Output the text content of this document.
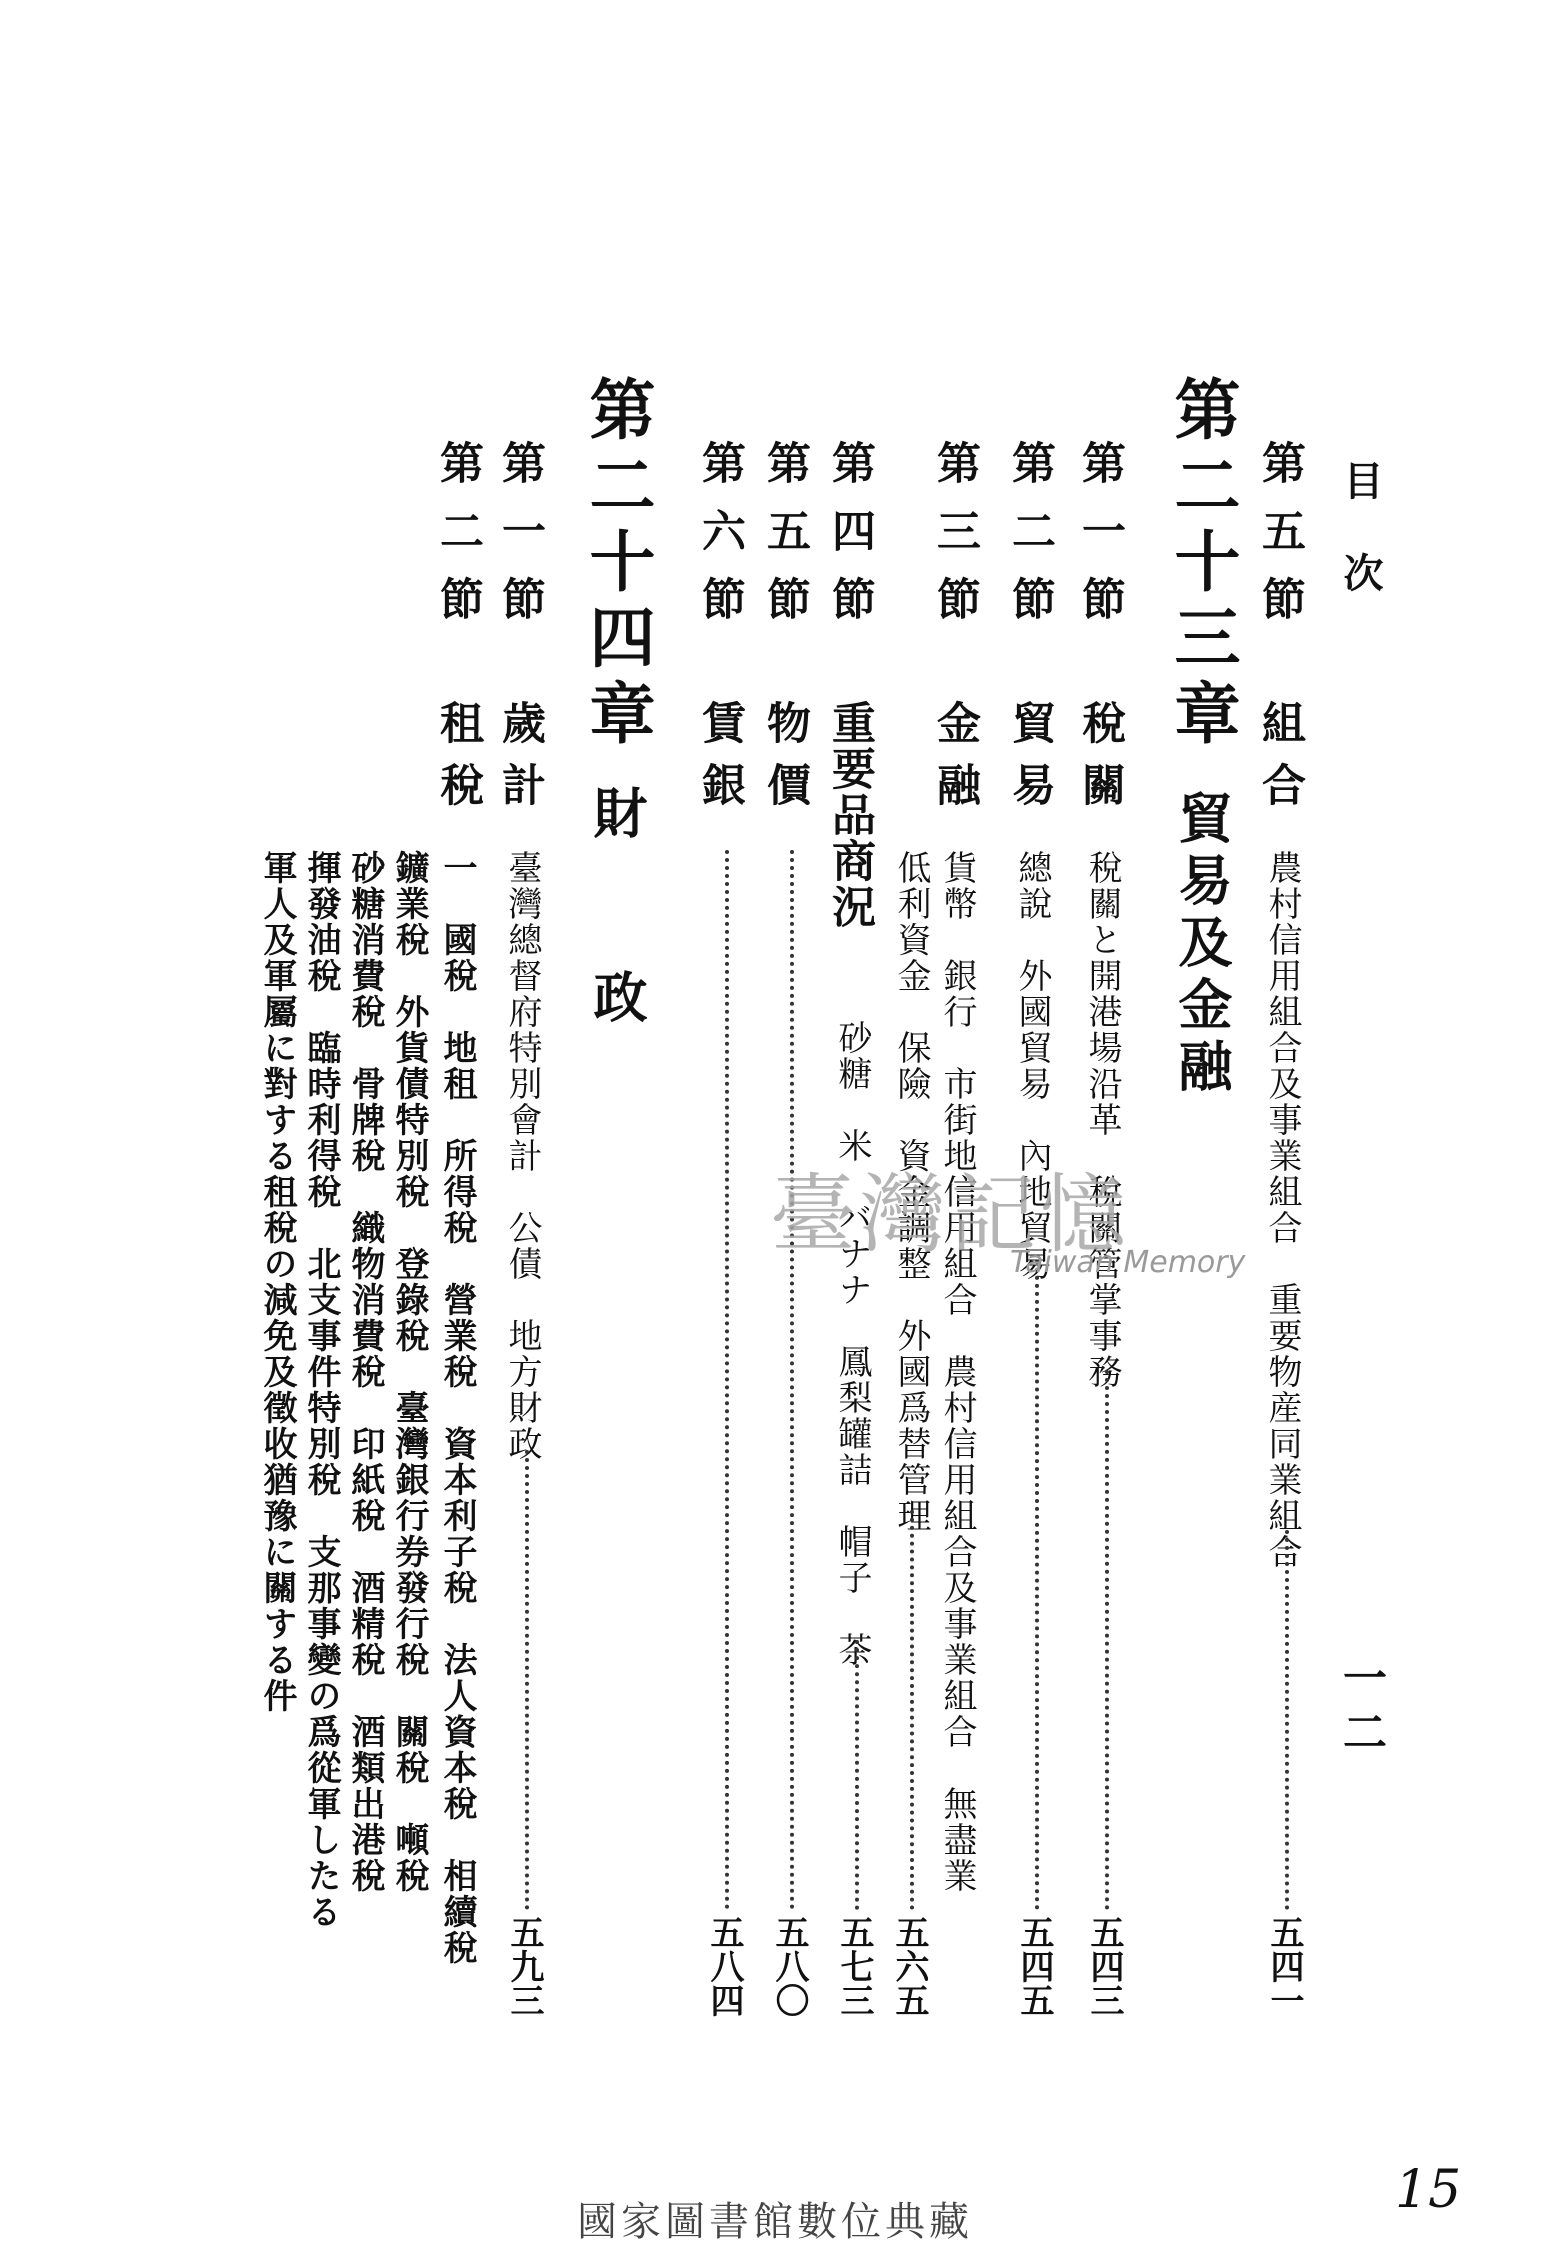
目次
一二
第五節
組合
農村信用組合及事業組合　重要物産同業組合
五四一
第二十三章
貿易及金融
第一節
稅關
稅關と開港場沿革　稅關管掌事務
五四三
第二節
貿易
總說　外國貿易　內地貿易
五四五
第三節
金融
貨幣　銀行　市街地信用組合　農村信用組合及事業組合　無盡業
低利資金　保險　資金調整　外國爲替管理
五六五
第四節
重要品商況
砂糖　米　バナナ　鳳梨罐詰　帽子　茶
五七三
第五節
物價
五八〇
第六節
賃銀
五八四
第二十四章
財政
第一節
歲計
臺灣總督府特別會計　公債　地方財政
五九三
第二節
租稅
一　國稅　地租　所得稅　營業稅　資本利子稅　法人資本稅　相續稅
鑛業稅　外貨債特別稅　登錄稅　臺灣銀行券發行稅　關稅　噸稅
砂糖消費稅　骨牌稅　織物消費稅　印紙稅　酒精稅　酒類出港稅
揮發油稅　臨時利得稅　北支事件特別稅　支那事變の爲從軍したる
軍人及軍屬に對する租稅の減免及徵收猶豫に關する件	臺灣記憶
Taiwan Memory
15
國家圖書館數位典藏
